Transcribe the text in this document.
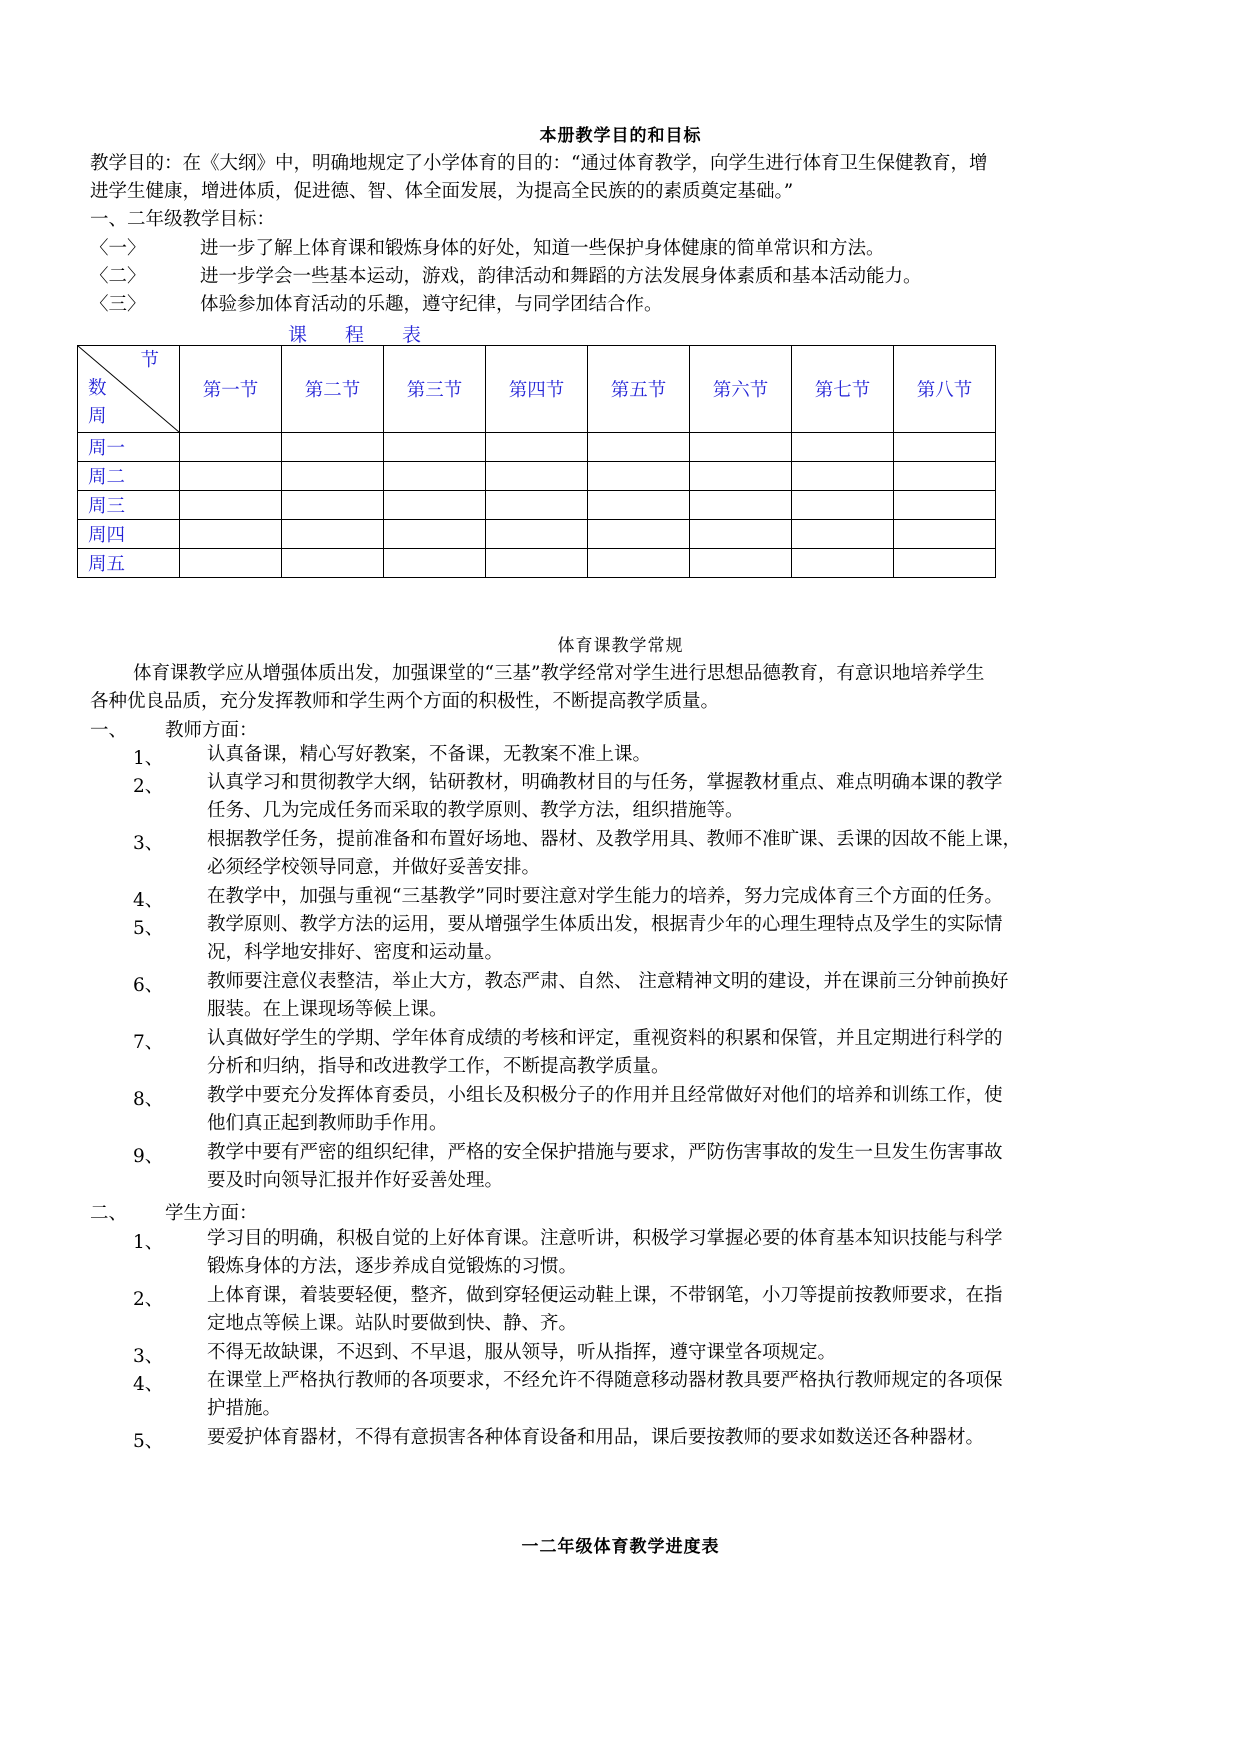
本册教学目的和目标
教学目的：在《大纲》中，明确地规定了小学体育的目的：“通过体育教学，向学生进行体育卫生保健教育，增
进学生健康，增进体质，促进德、智、体全面发展，为提高全民族的的素质奠定基础。”
一、二年级教学目标：
〈一〉	进一步了解上体育课和锻炼身体的好处，知道一些保护身体健康的简单常识和方法。
〈二〉	进一步学会一些基本运动，游戏，韵律活动和舞蹈的方法发展身体素质和基本活动能力。
〈三〉	体验参加体育活动的乐趣，遵守纪律，与同学团结合作。
课 程 表
节
数
周	第一节	第二节	第三节	第四节	第五节	第六节	第七节	第八节
周一								
周二								
周三								
周四								
周五								
体育课教学常规
体育课教学应从增强体质出发，加强课堂的“三基”教学经常对学生进行思想品德教育，有意识地培养学生
各种优良品质，充分发挥教师和学生两个方面的积极性，不断提高教学质量。
一、 教师方面：
1、 认真备课，精心写好教案，不备课，无教案不准上课。
2、 认真学习和贯彻教学大纲，钻研教材，明确教材目的与任务，掌握教材重点、难点明确本课的教学
任务、几为完成任务而采取的教学原则、教学方法，组织措施等。
3、 根据教学任务，提前准备和布置好场地、器材、及教学用具、教师不准旷课、丢课的因故不能上课，
必须经学校领导同意，并做好妥善安排。
4、 在教学中，加强与重视“三基教学”同时要注意对学生能力的培养，努力完成体育三个方面的任务。
5、 教学原则、教学方法的运用，要从增强学生体质出发，根据青少年的心理生理特点及学生的实际情
况，科学地安排好、密度和运动量。
6、 教师要注意仪表整洁，举止大方，教态严肃、自然、 注意精神文明的建设，并在课前三分钟前换好
服装。在上课现场等候上课。
7、 认真做好学生的学期、学年体育成绩的考核和评定，重视资料的积累和保管，并且定期进行科学的
分析和归纳，指导和改进教学工作，不断提高教学质量。
8、 教学中要充分发挥体育委员，小组长及积极分子的作用并且经常做好对他们的培养和训练工作，使
他们真正起到教师助手作用。
9、 教学中要有严密的组织纪律，严格的安全保护措施与要求，严防伤害事故的发生一旦发生伤害事故
要及时向领导汇报并作好妥善处理。
二、 学生方面：
1、 学习目的明确，积极自觉的上好体育课。注意听讲，积极学习掌握必要的体育基本知识技能与科学
锻炼身体的方法，逐步养成自觉锻炼的习惯。
2、 上体育课，着装要轻便，整齐，做到穿轻便运动鞋上课，不带钢笔，小刀等提前按教师要求，在指
定地点等候上课。站队时要做到快、静、齐。
3、 不得无故缺课，不迟到、不早退，服从领导，听从指挥，遵守课堂各项规定。
4、 在课堂上严格执行教师的各项要求，不经允许不得随意移动器材教具要严格执行教师规定的各项保
护措施。
5、 要爱护体育器材，不得有意损害各种体育设备和用品，课后要按教师的要求如数送还各种器材。
一二年级体育教学进度表
